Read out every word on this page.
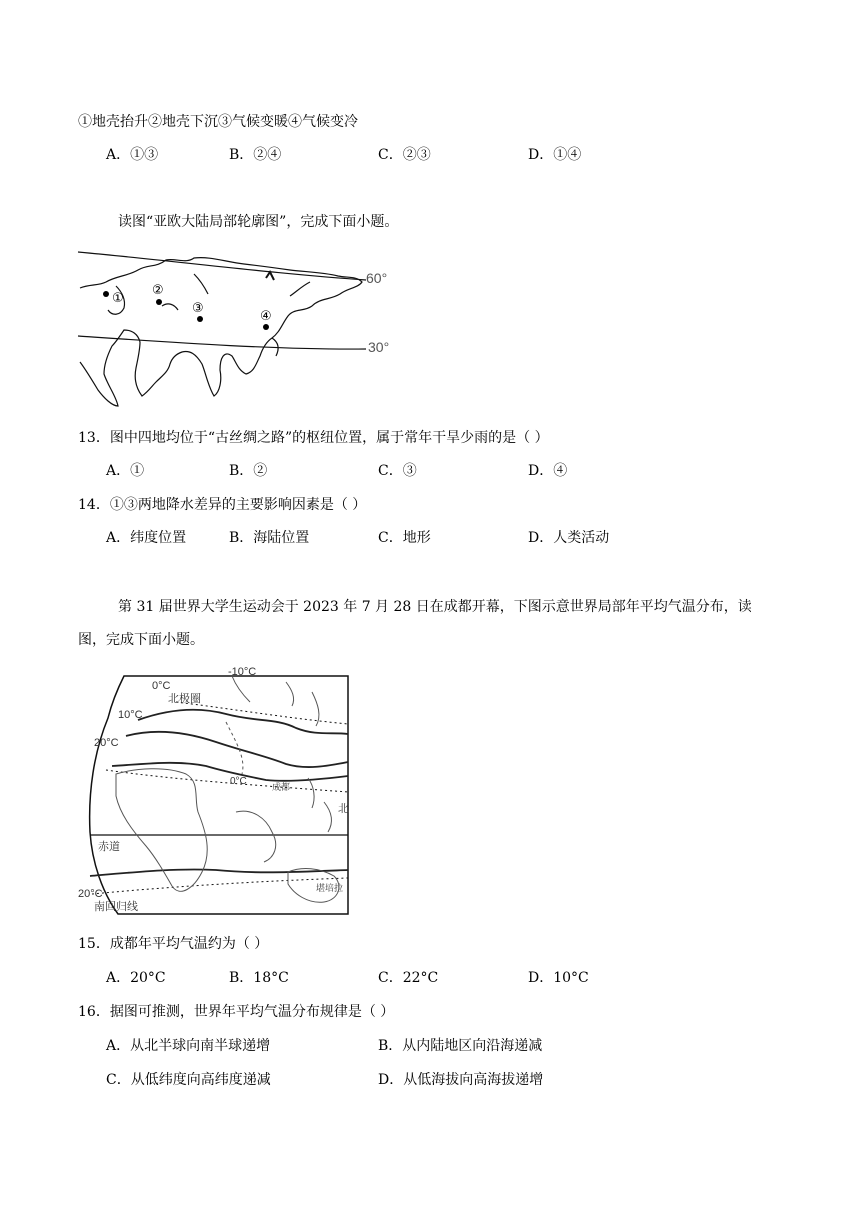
①地壳抬升②地壳下沉③气候变暖④气候变冷
A．①③	B．②④	C．②③	D．①④
读图“亚欧大陆局部轮廓图”，完成下面小题。
60°
30°
①
②
③
④
13．图中四地均位于“古丝绸之路”的枢纽位置，属于常年干旱少雨的是（ ）
A．①	B．②	C．③	D．④
14．①③两地降水差异的主要影响因素是（ ）
A．纬度位置	B．海陆位置	C．地形	D．人类活动
第 31 届世界大学生运动会于 2023 年 7 月 28 日在成都开幕，下图示意世界局部年平均气温分布，读
图，完成下面小题。
-10°C
0°C
北极圈
10°C
20°C
0°C	成都
北
赤道
20°C
南回归线
堪培拉
15．成都年平均气温约为（ ）
A．20°C	B．18°C	C．22°C	D．10°C
16．据图可推测，世界年平均气温分布规律是（ ）
A．从北半球向南半球递增	B．从内陆地区向沿海递减
C．从低纬度向高纬度递减	D．从低海拔向高海拔递增
